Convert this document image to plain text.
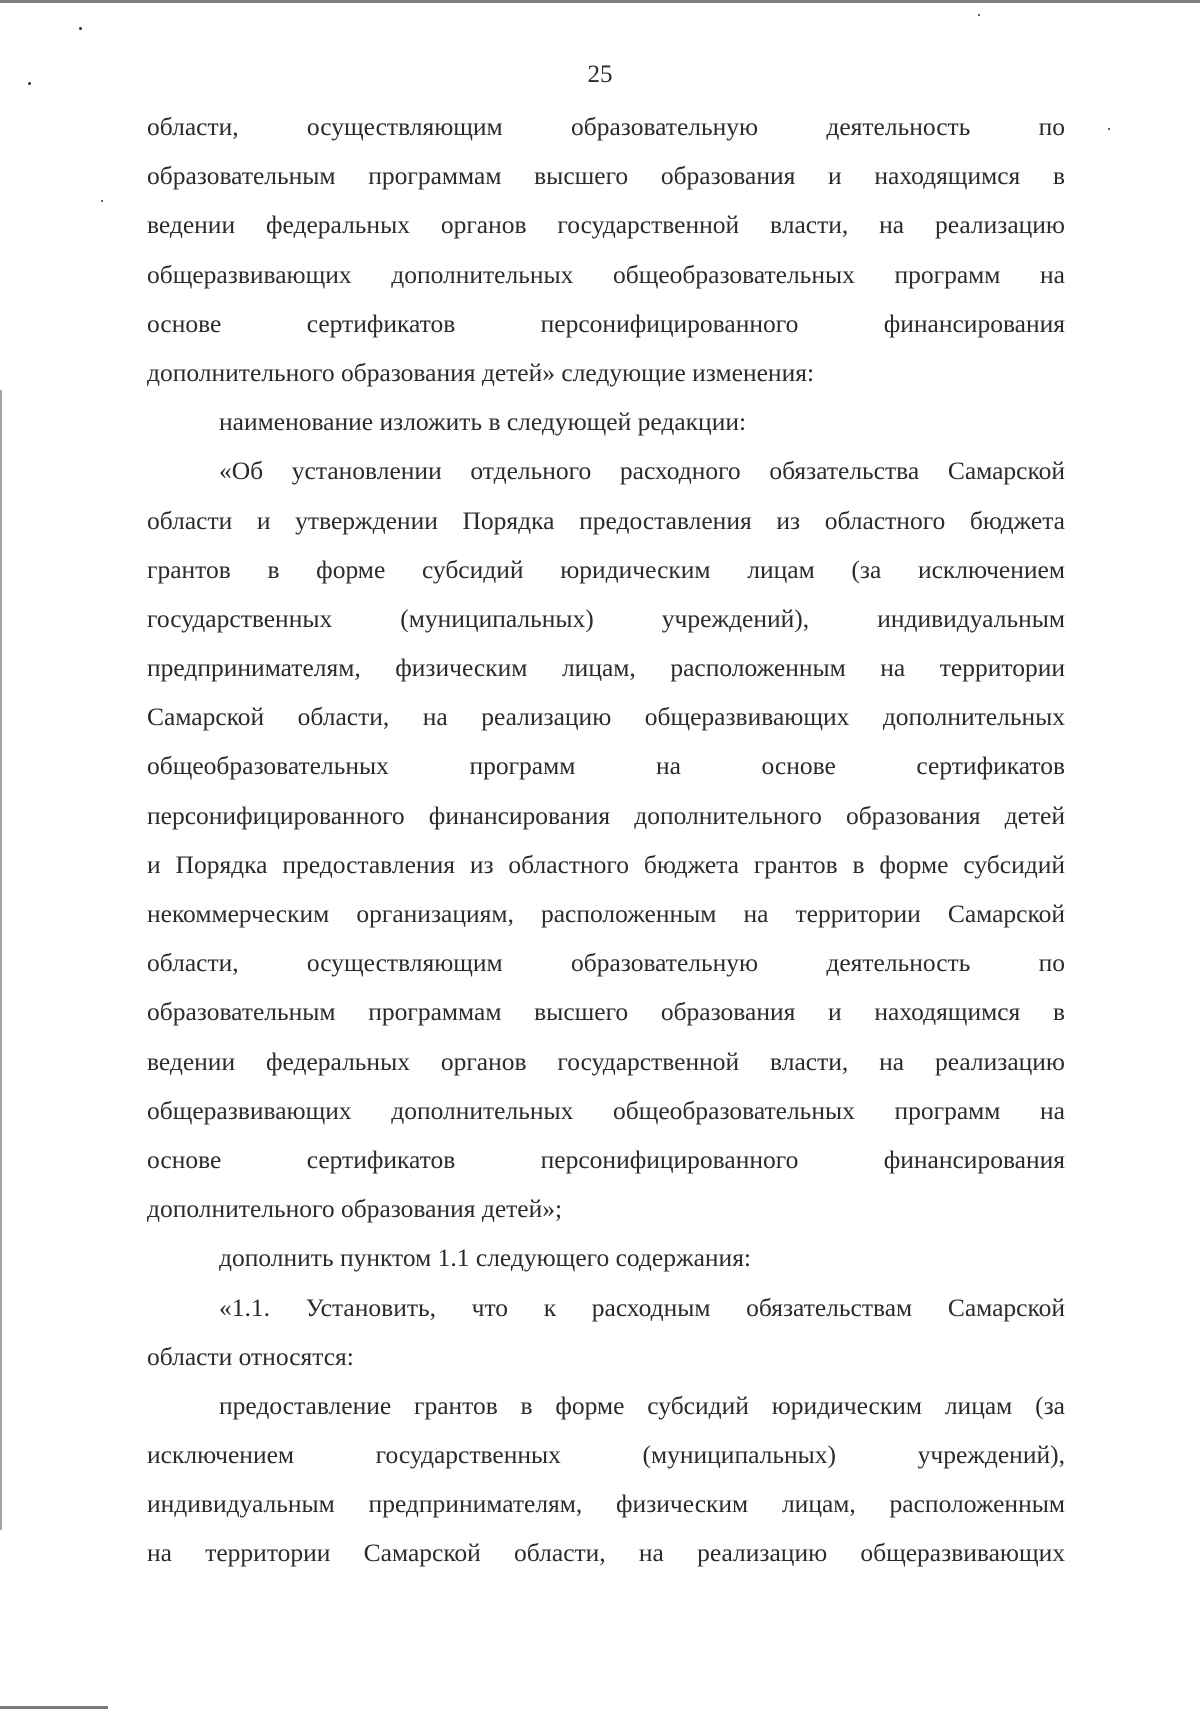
25
области, осуществляющим образовательную деятельность по
образовательным программам высшего образования и находящимся в
ведении федеральных органов государственной власти, на реализацию
общеразвивающих дополнительных общеобразовательных программ на
основе сертификатов персонифицированного финансирования
дополнительного образования детей» следующие изменения:
наименование изложить в следующей редакции:
«Об установлении отдельного расходного обязательства Самарской
области и утверждении Порядка предоставления из областного бюджета
грантов в форме субсидий юридическим лицам (за исключением
государственных (муниципальных) учреждений), индивидуальным
предпринимателям, физическим лицам, расположенным на территории
Самарской области, на реализацию общеразвивающих дополнительных
общеобразовательных программ на основе сертификатов
персонифицированного финансирования дополнительного образования детей
и Порядка предоставления из областного бюджета грантов в форме субсидий
некоммерческим организациям, расположенным на территории Самарской
области, осуществляющим образовательную деятельность по
образовательным программам высшего образования и находящимся в
ведении федеральных органов государственной власти, на реализацию
общеразвивающих дополнительных общеобразовательных программ на
основе сертификатов персонифицированного финансирования
дополнительного образования детей»;
дополнить пунктом 1.1 следующего содержания:
«1.1. Установить, что к расходным обязательствам Самарской
области относятся:
предоставление грантов в форме субсидий юридическим лицам (за
исключением государственных (муниципальных) учреждений),
индивидуальным предпринимателям, физическим лицам, расположенным
на территории Самарской области, на реализацию общеразвивающих
